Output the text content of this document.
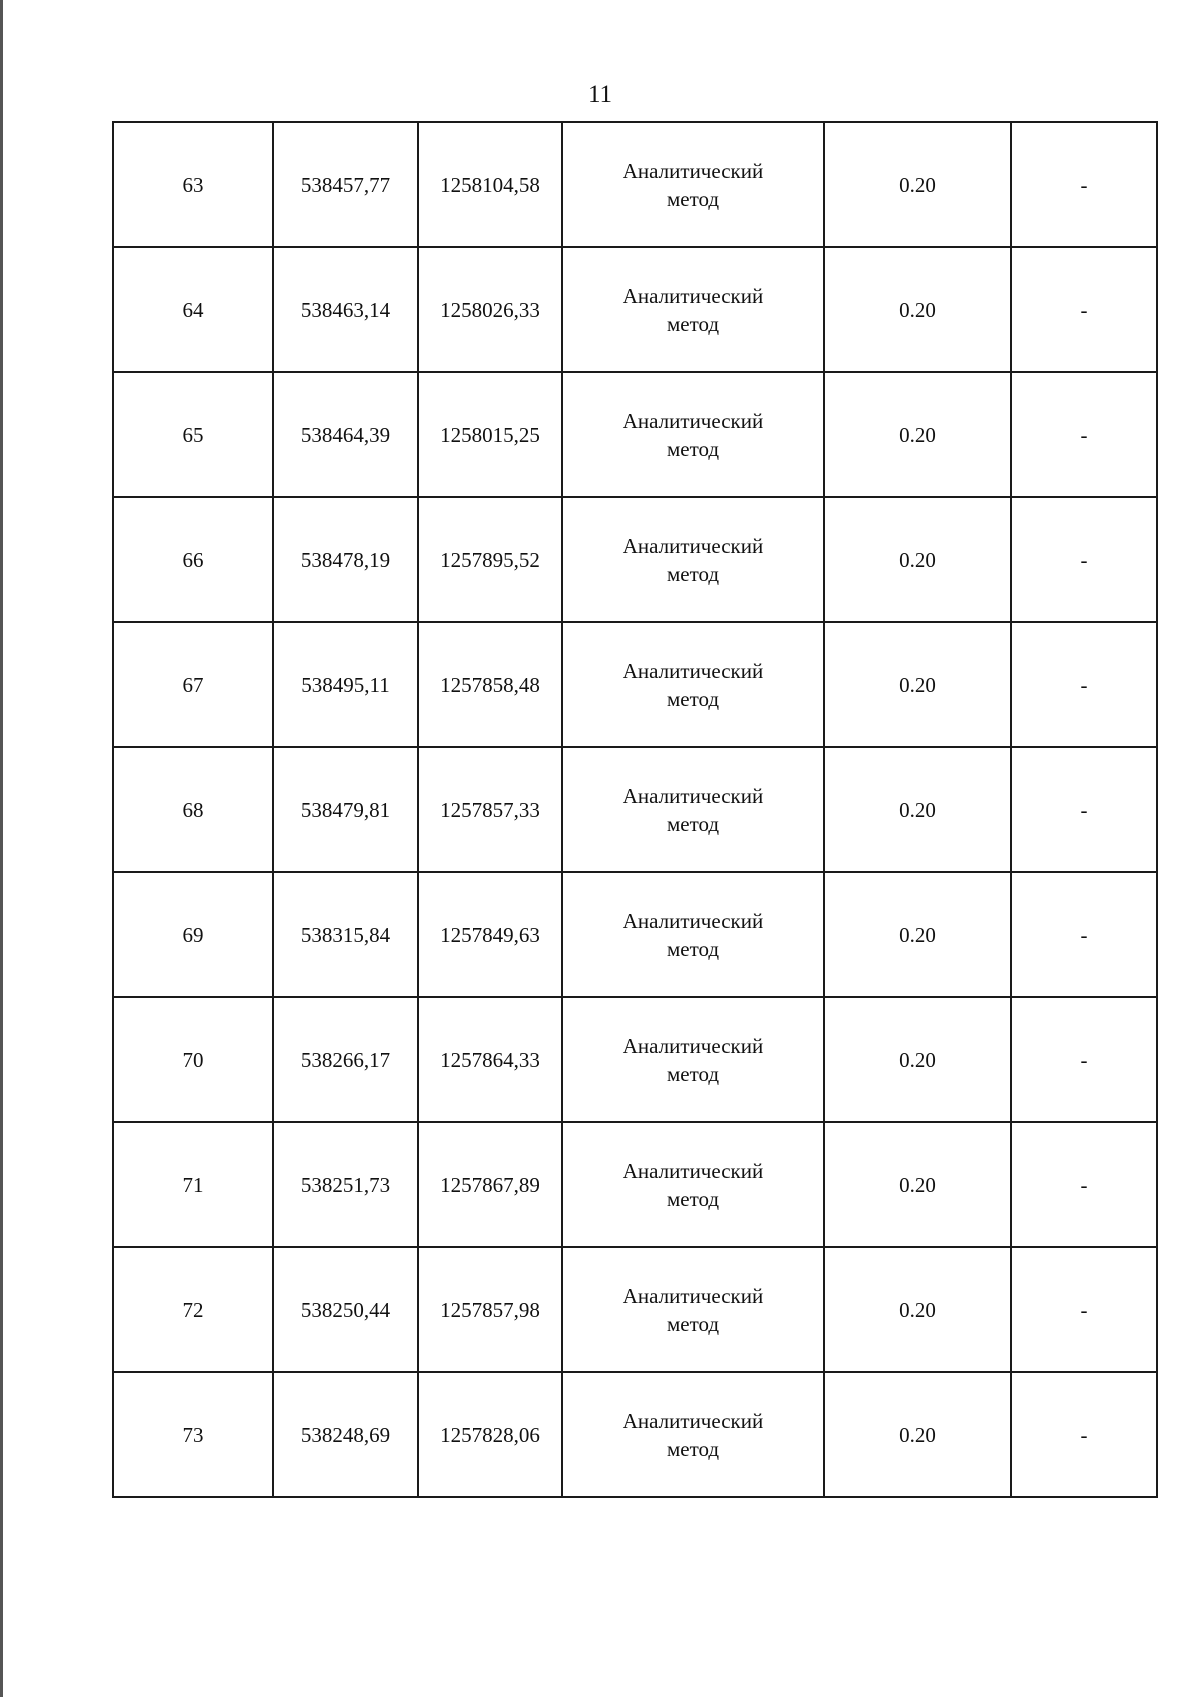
11
63	538457,77	1258104,58	Аналитический метод	0.20	-
64	538463,14	1258026,33	Аналитический метод	0.20	-
65	538464,39	1258015,25	Аналитический метод	0.20	-
66	538478,19	1257895,52	Аналитический метод	0.20	-
67	538495,11	1257858,48	Аналитический метод	0.20	-
68	538479,81	1257857,33	Аналитический метод	0.20	-
69	538315,84	1257849,63	Аналитический метод	0.20	-
70	538266,17	1257864,33	Аналитический метод	0.20	-
71	538251,73	1257867,89	Аналитический метод	0.20	-
72	538250,44	1257857,98	Аналитический метод	0.20	-
73	538248,69	1257828,06	Аналитический метод	0.20	-
